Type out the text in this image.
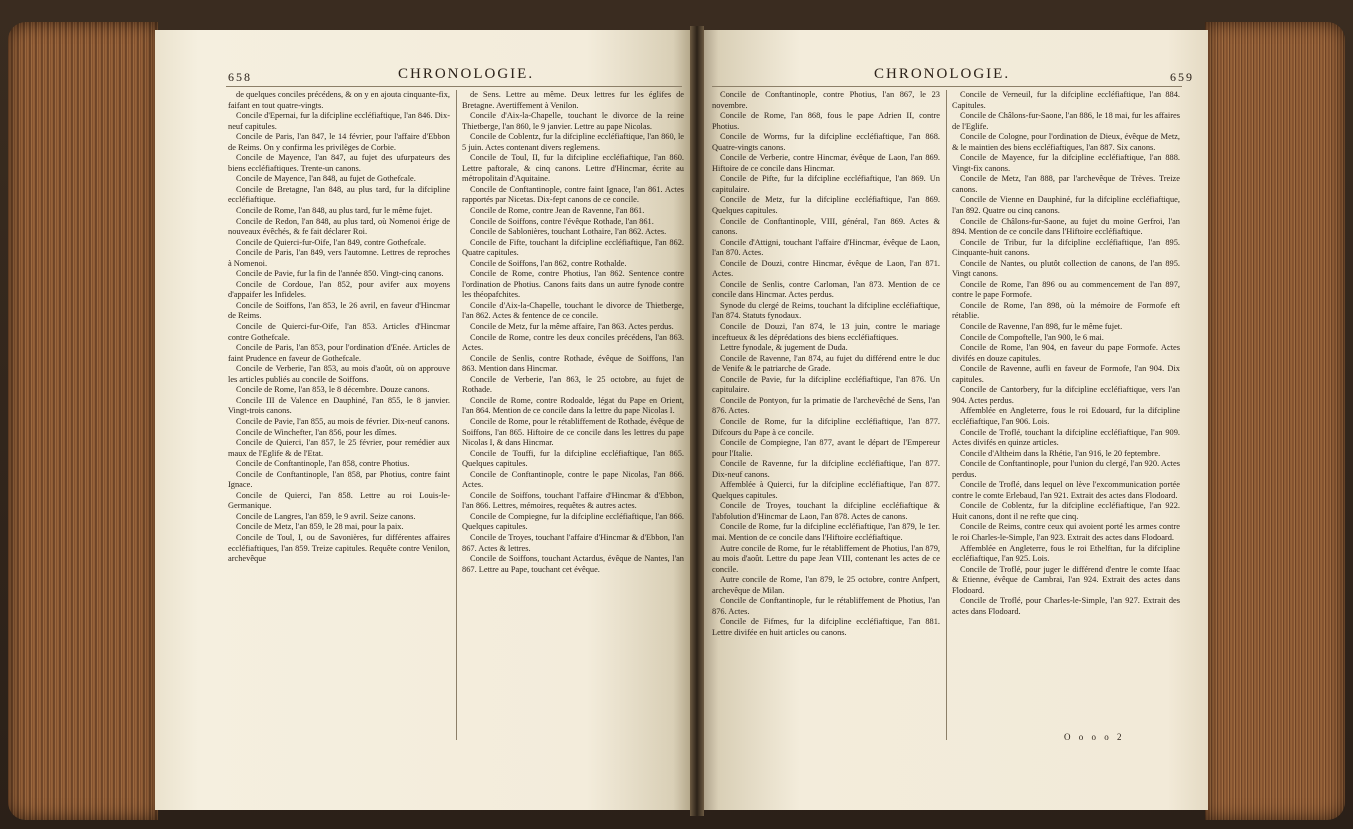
658	CHRONOLOGIE.

de quelques conciles précédens, & on y en ajouta cinquante-fix, faifant en tout quatre-vingts.

Concile d'Epernai, fur la difcipline eccléfiaftique, l'an 846. Dix-neuf capitules.

Concile de Paris, l'an 847, le 14 février, pour l'affaire d'Ebbon de Reims. On y confirma les privilèges de Corbie.

Concile de Mayence, l'an 847, au fujet des ufurpateurs des biens eccléfiaftiques. Trente-un canons.

Concile de Mayence, l'an 848, au fujet de Gothefcale.

Concile de Bretagne, l'an 848, au plus tard, fur la difcipline eccléfiaftique.

Concile de Rome, l'an 848, au plus tard, fur le même fujet.

Concile de Redon, l'an 848, au plus tard, où Nomenoi érige de nouveaux évêchés, & fe fait déclarer Roi.

Concile de Quierci-fur-Oife, l'an 849, contre Gothefcale.

Concile de Paris, l'an 849, vers l'automne. Lettres de reproches à Nomenoi.

Concile de Pavie, fur la fin de l'année 850. Vingt-cinq canons.

Concile de Cordoue, l'an 852, pour avifer aux moyens d'appaifer les Infideles.

Concile de Soiffons, l'an 853, le 26 avril, en faveur d'Hincmar de Reims.

Concile de Quierci-fur-Oife, l'an 853. Articles d'Hincmar contre Gothefcale.

Concile de Paris, l'an 853, pour l'ordination d'Enée. Articles de faint Prudence en faveur de Gothefcale.

Concile de Verberie, l'an 853, au mois d'août, où on approuve les articles publiés au concile de Soiffons.

Concile de Rome, l'an 853, le 8 décembre. Douze canons.

Concile III de Valence en Dauphiné, l'an 855, le 8 janvier. Vingt-trois canons.

Concile de Pavie, l'an 855, au mois de février. Dix-neuf canons.

Concile de Winchefter, l'an 856, pour les dîmes.

Concile de Quierci, l'an 857, le 25 février, pour remédier aux maux de l'Eglife & de l'Etat.

Concile de Conftantinople, l'an 858, contre Photius.

Concile de Conftantinople, l'an 858, par Photius, contre faint Ignace.

Concile de Quierci, l'an 858. Lettre au roi Louis-le-Germanique.

Concile de Langres, l'an 859, le 9 avril. Seize canons.

Concile de Metz, l'an 859, le 28 mai, pour la paix.

Concile de Toul, I, ou de Savonières, fur différentes affaires eccléfiaftiques, l'an 859. Treize capitules. Requête contre Venilon, archevêque

de Sens. Lettre au même. Deux lettres fur les églifes de Bretagne. Avertiffement à Venilon.

Concile d'Aix-la-Chapelle, touchant le divorce de la reine Thietberge, l'an 860, le 9 janvier. Lettre au pape Nicolas.

Concile de Coblentz, fur la difcipline eccléfiaftique, l'an 860, le 5 juin. Actes contenant divers reglemens.

Concile de Toul, II, fur la difcipline eccléfiaftique, l'an 860. Lettre paftorale, & cinq canons. Lettre d'Hincmar, écrite au métropolitain d'Aquitaine.

Concile de Conftantinople, contre faint Ignace, l'an 861. Actes rapportés par Nicetas. Dix-fept canons de ce concile.

Concile de Rome, contre Jean de Ravenne, l'an 861.

Concile de Soiffons, contre l'évêque Rothade, l'an 861.

Concile de Sablonières, touchant Lothaire, l'an 862. Actes.

Concile de Fifte, touchant la difcipline eccléfiaftique, l'an 862. Quatre capitules.

Concile de Soiffons, l'an 862, contre Rothalde.

Concile de Rome, contre Photius, l'an 862. Sentence contre l'ordination de Photius. Canons faits dans un autre fynode contre les théopafchites.

Concile d'Aix-la-Chapelle, touchant le divorce de Thietberge, l'an 862. Actes & fentence de ce concile.

Concile de Metz, fur la même affaire, l'an 863. Actes perdus.

Concile de Rome, contre les deux conciles précédens, l'an 863. Actes.

Concile de Senlis, contre Rothade, évêque de Soiffons, l'an 863. Mention dans Hincmar.

Concile de Verberie, l'an 863, le 25 octobre, au fujet de Rothade.

Concile de Rome, contre Rodoalde, légat du Pape en Orient, l'an 864. Mention de ce concile dans la lettre du pape Nicolas I.

Concile de Rome, pour le rétabliffement de Rothade, évêque de Soiffons, l'an 865. Hiftoire de ce concile dans les lettres du pape Nicolas I, & dans Hincmar.

Concile de Touffi, fur la difcipline eccléfiaftique, l'an 865. Quelques capitules.

Concile de Conftantinople, contre le pape Nicolas, l'an 866. Actes.

Concile de Soiffons, touchant l'affaire d'Hincmar & d'Ebbon, l'an 866. Lettres, mémoires, requêtes & autres actes.

Concile de Compiegne, fur la difcipline eccléfiaftique, l'an 866. Quelques capitules.

Concile de Troyes, touchant l'affaire d'Hincmar & d'Ebbon, l'an 867. Actes & lettres.

Concile de Soiffons, touchant Actardus, évêque de Nantes, l'an 867. Lettre au Pape, touchant cet évêque.

CHRONOLOGIE.	659

Concile de Conftantinople, contre Photius, l'an 867, le 23 novembre.

Concile de Rome, l'an 868, fous le pape Adrien II, contre Photius.

Concile de Worms, fur la difcipline eccléfiaftique, l'an 868. Quatre-vingts canons.

Concile de Verberie, contre Hincmar, évêque de Laon, l'an 869. Hiftoire de ce concile dans Hincmar.

Concile de Pifte, fur la difcipline eccléfiaftique, l'an 869. Un capitulaire.

Concile de Metz, fur la difcipline eccléfiaftique, l'an 869. Quelques capitules.

Concile de Conftantinople, VIII, général, l'an 869. Actes & canons.

Concile d'Attigni, touchant l'affaire d'Hincmar, évêque de Laon, l'an 870. Actes.

Concile de Douzi, contre Hincmar, évêque de Laon, l'an 871. Actes.

Concile de Senlis, contre Carloman, l'an 873. Mention de ce concile dans Hincmar. Actes perdus.

Synode du clergé de Reims, touchant la difcipline eccléfiaftique, l'an 874. Statuts fynodaux.

Concile de Douzi, l'an 874, le 13 juin, contre le mariage inceftueux & les déprédations des biens eccléfiaftiques.

Lettre fynodale, & jugement de Duda.

Concile de Ravenne, l'an 874, au fujet du différend entre le duc de Venife & le patriarche de Grade.

Concile de Pavie, fur la difcipline eccléfiaftique, l'an 876. Un capitulaire.

Concile de Pontyon, fur la primatie de l'archevêché de Sens, l'an 876. Actes.

Concile de Rome, fur la difcipline eccléfiaftique, l'an 877. Difcours du Pape à ce concile.

Concile de Compiegne, l'an 877, avant le départ de l'Empereur pour l'Italie.

Concile de Ravenne, fur la difcipline eccléfiaftique, l'an 877. Dix-neuf canons.

Affemblée à Quierci, fur la difcipline eccléfiaftique, l'an 877. Quelques capitules.

Concile de Troyes, touchant la difcipline eccléfiaftique & l'abfolution d'Hincmar de Laon, l'an 878. Actes de canons.

Concile de Rome, fur la difcipline eccléfiaftique, l'an 879, le 1er. mai. Mention de ce concile dans l'Hiftoire eccléfiaftique.

Autre concile de Rome, fur le rétabliffement de Photius, l'an 879, au mois d'août. Lettre du pape Jean VIII, contenant les actes de ce concile.

Autre concile de Rome, l'an 879, le 25 octobre, contre Anfpert, archevêque de Milan.

Concile de Conftantinople, fur le rétabliffement de Photius, l'an 876. Actes.

Concile de Fifmes, fur la difcipline eccléfiaftique, l'an 881. Lettre divifée en huit articles ou canons.

Concile de Verneuil, fur la difcipline eccléfiaftique, l'an 884. Capitules.

Concile de Châlons-fur-Saone, l'an 886, le 18 mai, fur les affaires de l'Eglife.

Concile de Cologne, pour l'ordination de Dieux, évêque de Metz, & le maintien des biens eccléfiaftiques, l'an 887. Six canons.

Concile de Mayence, fur la difcipline eccléfiaftique, l'an 888. Vingt-fix canons.

Concile de Metz, l'an 888, par l'archevêque de Trèves. Treize canons.

Concile de Vienne en Dauphiné, fur la difcipline eccléfiaftique, l'an 892. Quatre ou cinq canons.

Concile de Châlons-fur-Saone, au fujet du moine Gerfroi, l'an 894. Mention de ce concile dans l'Hiftoire eccléfiaftique.

Concile de Tribur, fur la difcipline eccléfiaftique, l'an 895. Cinquante-huit canons.

Concile de Nantes, ou plutôt collection de canons, de l'an 895. Vingt canons.

Concile de Rome, l'an 896 ou au commencement de l'an 897, contre le pape Formofe.

Concile de Rome, l'an 898, où la mémoire de Formofe eft rétablie.

Concile de Ravenne, l'an 898, fur le même fujet.

Concile de Compoftelle, l'an 900, le 6 mai.

Concile de Rome, l'an 904, en faveur du pape Formofe. Actes divifés en douze capitules.

Concile de Ravenne, aufli en faveur de Formofe, l'an 904. Dix capitules.

Concile de Cantorbery, fur la difcipline eccléfiaftique, vers l'an 904. Actes perdus.

Affemblée en Angleterre, fous le roi Edouard, fur la difcipline eccléfiaftique, l'an 906. Lois.

Concile de Troflé, touchant la difcipline eccléfiaftique, l'an 909. Actes divifés en quinze articles.

Concile d'Altheim dans la Rhétie, l'an 916, le 20 feptembre.

Concile de Conftantinople, pour l'union du clergé, l'an 920. Actes perdus.

Concile de Troflé, dans lequel on lève l'excommunication portée contre le comte Erlebaud, l'an 921. Extrait des actes dans Flodoard.

Concile de Coblentz, fur la difcipline eccléfiaftique, l'an 922. Huit canons, dont il ne refte que cinq.

Concile de Reims, contre ceux qui avoient porté les armes contre le roi Charles-le-Simple, l'an 923. Extrait des actes dans Flodoard.

Affemblée en Angleterre, fous le roi Ethelftan, fur la difcipline eccléfiaftique, l'an 925. Lois.

Concile de Troflé, pour juger le différend d'entre le comte Ifaac & Etienne, évêque de Cambrai, l'an 924. Extrait des actes dans Flodoard.

Concile de Troflé, pour Charles-le-Simple, l'an 927. Extrait des actes dans Flodoard.

O o o o 2
